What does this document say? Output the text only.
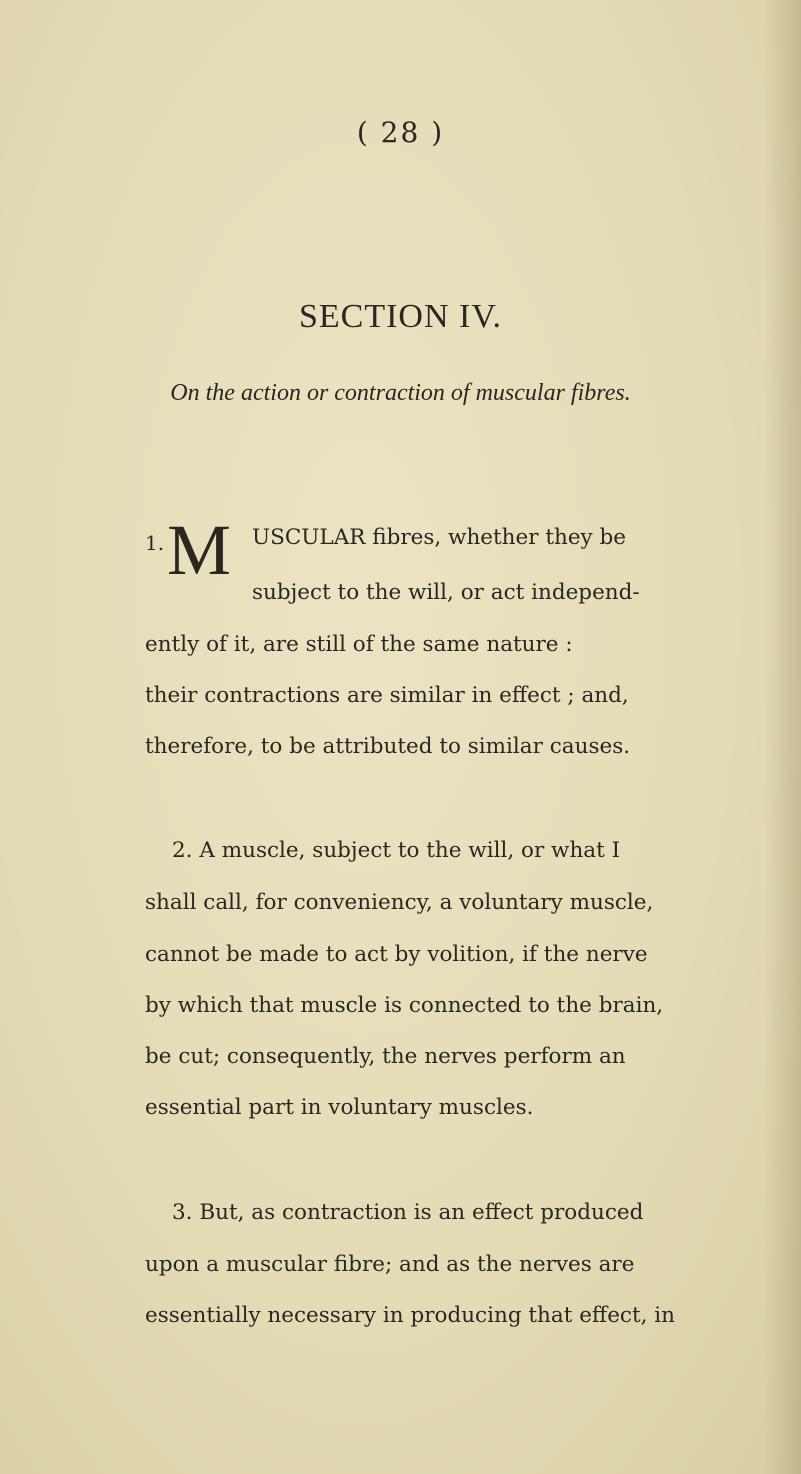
( 28 )
SECTION IV.
On the action or contraction of muscular fibres.
1. M USCULAR fibres, whether they be
subject to the will, or act independ-
ently of it, are still of the same nature :
their contractions are similar in effect ; and,
therefore, to be attributed to similar causes.
2. A muscle, subject to the will, or what I
shall call, for conveniency, a voluntary muscle,
cannot be made to act by volition, if the nerve
by which that muscle is connected to the brain,
be cut; consequently, the nerves perform an
essential part in voluntary muscles.
3. But, as contraction is an effect produced
upon a muscular fibre; and as the nerves are
essentially necessary in producing that effect, in
